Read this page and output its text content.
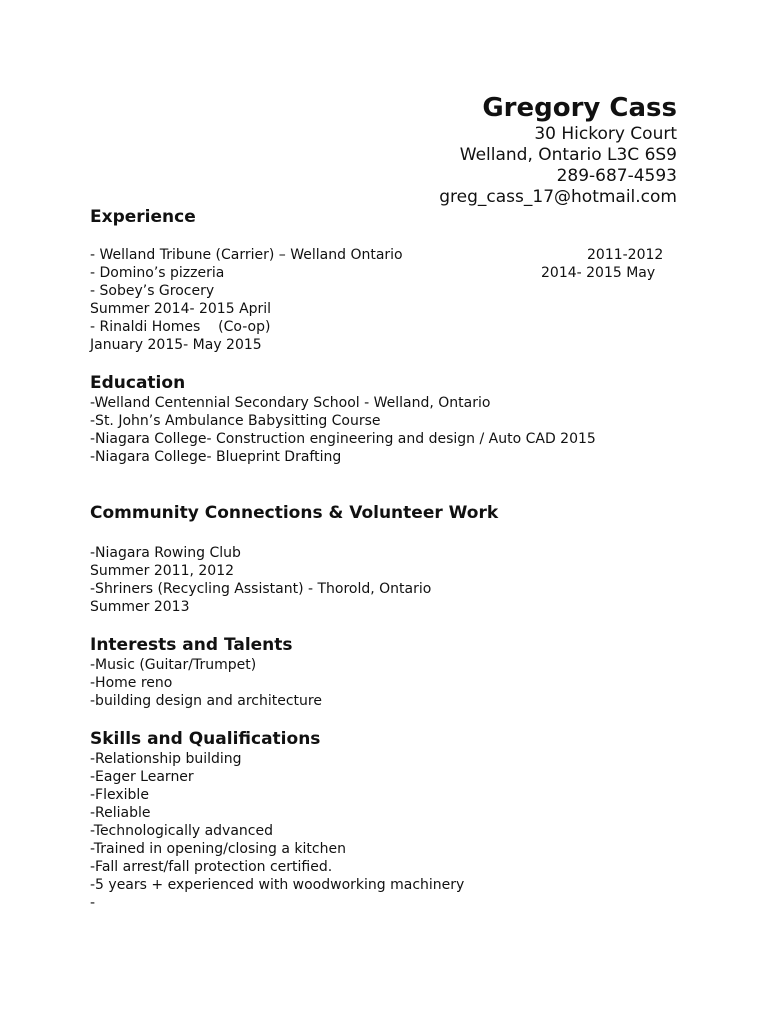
Gregory Cass
30 Hickory Court
Welland, Ontario L3C 6S9
289-687-4593
greg_cass_17@hotmail.com
Experience
- Welland Tribune (Carrier) – Welland Ontario	2011-2012
- Domino’s pizzeria	2014- 2015 May
- Sobey’s Grocery
Summer 2014- 2015 April
- Rinaldi Homes    (Co-op)
January 2015- May 2015
Education
-Welland Centennial Secondary School - Welland, Ontario
-St. John’s Ambulance Babysitting Course
-Niagara College- Construction engineering and design / Auto CAD 2015
-Niagara College- Blueprint Drafting
Community Connections & Volunteer Work
-Niagara Rowing Club
Summer 2011, 2012
-Shriners (Recycling Assistant) - Thorold, Ontario
Summer 2013
Interests and Talents
-Music (Guitar/Trumpet)
-Home reno
-building design and architecture
Skills and Qualifications
-Relationship building
-Eager Learner
-Flexible
-Reliable
-Technologically advanced
-Trained in opening/closing a kitchen
-Fall arrest/fall protection certified.
-5 years + experienced with woodworking machinery
-
